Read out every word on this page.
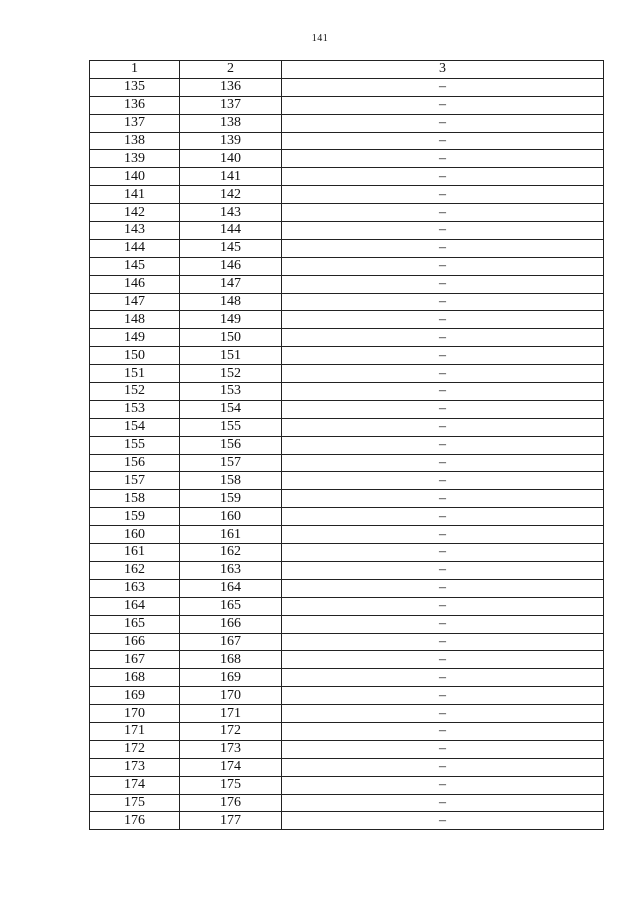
141
1	2	3
135	136	–
136	137	–
137	138	–
138	139	–
139	140	–
140	141	–
141	142	–
142	143	–
143	144	–
144	145	–
145	146	–
146	147	–
147	148	–
148	149	–
149	150	–
150	151	–
151	152	–
152	153	–
153	154	–
154	155	–
155	156	–
156	157	–
157	158	–
158	159	–
159	160	–
160	161	–
161	162	–
162	163	–
163	164	–
164	165	–
165	166	–
166	167	–
167	168	–
168	169	–
169	170	–
170	171	–
171	172	–
172	173	–
173	174	–
174	175	–
175	176	–
176	177	–
